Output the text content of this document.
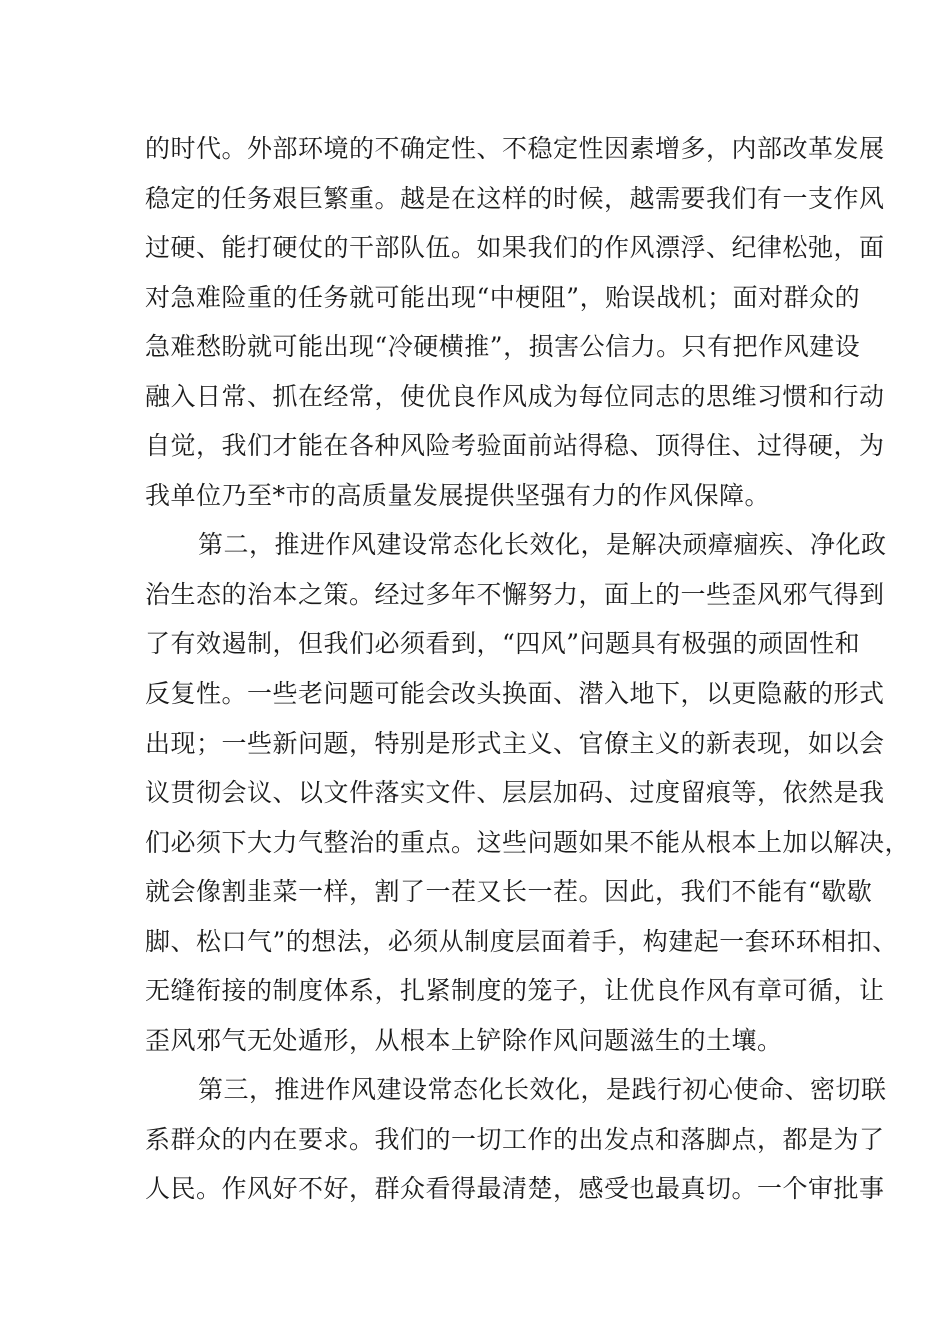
的时代。外部环境的不确定性、不稳定性因素增多，内部改革发展
稳定的任务艰巨繁重。越是在这样的时候，越需要我们有一支作风
过硬、能打硬仗的干部队伍。如果我们的作风漂浮、纪律松弛，面
对急难险重的任务就可能出现“中梗阻”，贻误战机；面对群众的
急难愁盼就可能出现“冷硬横推”，损害公信力。只有把作风建设
融入日常、抓在经常，使优良作风成为每位同志的思维习惯和行动
自觉，我们才能在各种风险考验面前站得稳、顶得住、过得硬，为
我单位乃至*市的高质量发展提供坚强有力的作风保障。
第二，推进作风建设常态化长效化，是解决顽瘴痼疾、净化政
治生态的治本之策。经过多年不懈努力，面上的一些歪风邪气得到
了有效遏制，但我们必须看到，“四风”问题具有极强的顽固性和
反复性。一些老问题可能会改头换面、潜入地下，以更隐蔽的形式
出现；一些新问题，特别是形式主义、官僚主义的新表现，如以会
议贯彻会议、以文件落实文件、层层加码、过度留痕等，依然是我
们必须下大力气整治的重点。这些问题如果不能从根本上加以解决，
就会像割韭菜一样，割了一茬又长一茬。因此，我们不能有“歇歇
脚、松口气”的想法，必须从制度层面着手，构建起一套环环相扣、
无缝衔接的制度体系，扎紧制度的笼子，让优良作风有章可循，让
歪风邪气无处遁形，从根本上铲除作风问题滋生的土壤。
第三，推进作风建设常态化长效化，是践行初心使命、密切联
系群众的内在要求。我们的一切工作的出发点和落脚点，都是为了
人民。作风好不好，群众看得最清楚，感受也最真切。一个审批事
